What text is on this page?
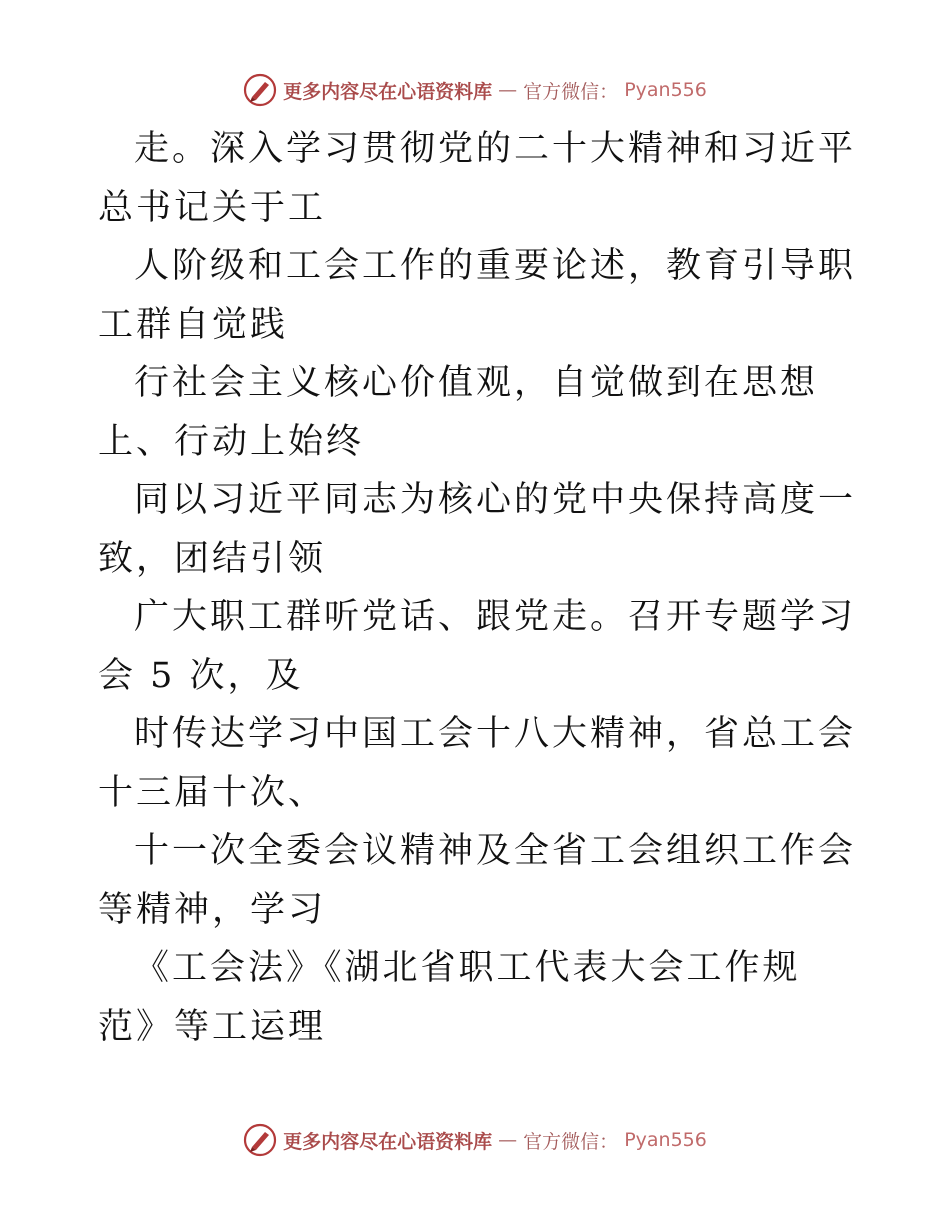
更多内容尽在心语资料库 — 官方微信： Pyan556

走。深入学习贯彻党的二十大精神和习近平总书记关于工

人阶级和工会工作的重要论述，教育引导职工群自觉践

行社会主义核心价值观，自觉做到在思想上、行动上始终

同以习近平同志为核心的党中央保持高度一致，团结引领

广大职工群听党话、跟党走。召开专题学习会 5 次，及

时传达学习中国工会十八大精神，省总工会十三届十次、

十一次全委会议精神及全省工会组织工作会等精神，学习

《工会法》《湖北省职工代表大会工作规范》等工运理

更多内容尽在心语资料库 — 官方微信： Pyan556
